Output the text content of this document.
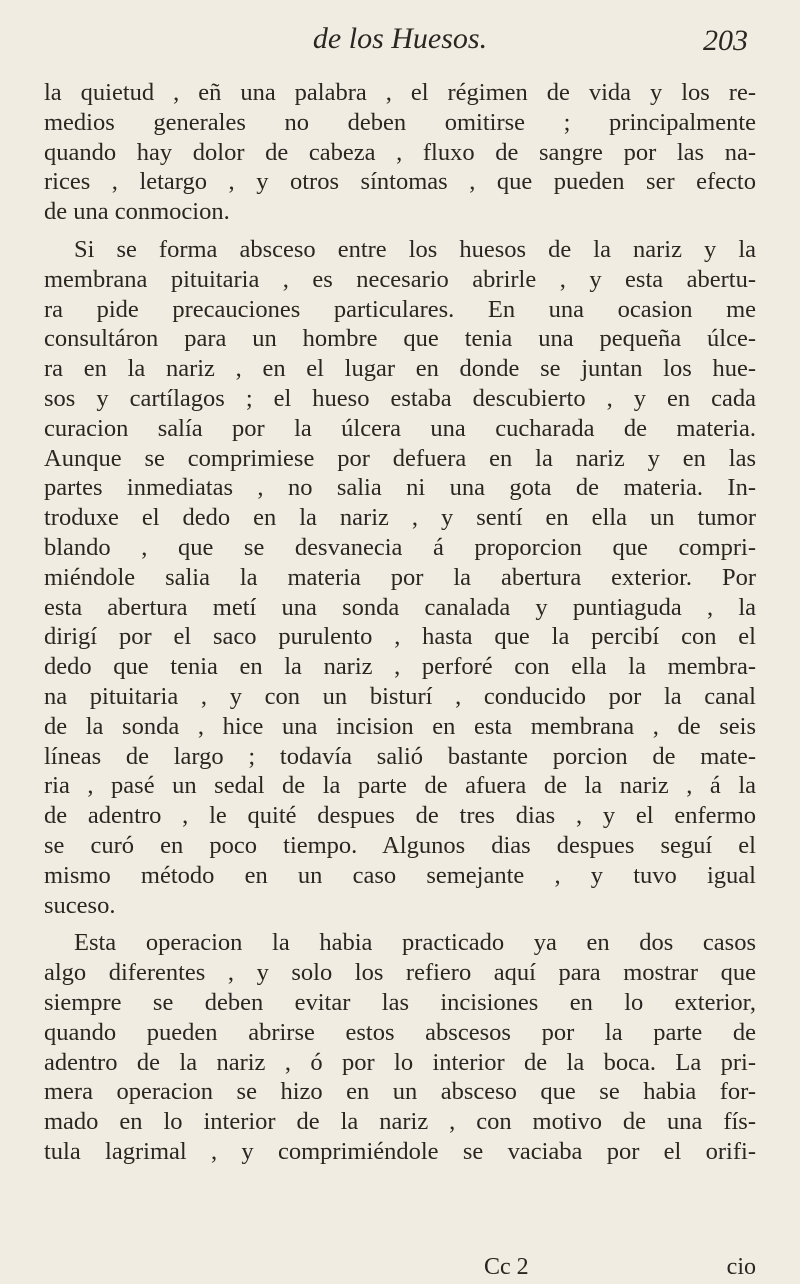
de los Huesos.	203
la quietud , eñ una palabra , el régimen de vida y los re-
medios generales no deben omitirse ; principalmente
quando hay dolor de cabeza , fluxo de sangre por las na-
rices , letargo , y otros síntomas , que pueden ser efecto
de una conmocion.
Si se forma absceso entre los huesos de la nariz y la
membrana pituitaria , es necesario abrirle , y esta abertu-
ra pide precauciones particulares. En una ocasion me
consultáron para un hombre que tenia una pequeña úlce-
ra en la nariz , en el lugar en donde se juntan los hue-
sos y cartílagos ; el hueso estaba descubierto , y en cada
curacion salía por la úlcera una cucharada de materia.
Aunque se comprimiese por defuera en la nariz y en las
partes inmediatas , no salia ni una gota de materia. In-
troduxe el dedo en la nariz , y sentí en ella un tumor
blando , que se desvanecia á proporcion que compri-
miéndole salia la materia por la abertura exterior. Por
esta abertura metí una sonda canalada y puntiaguda , la
dirigí por el saco purulento , hasta que la percibí con el
dedo que tenia en la nariz , perforé con ella la membra-
na pituitaria , y con un bisturí , conducido por la canal
de la sonda , hice una incision en esta membrana , de seis
líneas de largo ; todavía salió bastante porcion de mate-
ria , pasé un sedal de la parte de afuera de la nariz , á la
de adentro , le quité despues de tres dias , y el enfermo
se curó en poco tiempo. Algunos dias despues seguí el
mismo método en un caso semejante , y tuvo igual
suceso.
Esta operacion la habia practicado ya en dos casos
algo diferentes , y solo los refiero aquí para mostrar que
siempre se deben evitar las incisiones en lo exterior,
quando pueden abrirse estos abscesos por la parte de
adentro de la nariz , ó por lo interior de la boca. La pri-
mera operacion se hizo en un absceso que se habia for-
mado en lo interior de la nariz , con motivo de una fís-
tula lagrimal , y comprimiéndole se vaciaba por el orifi-
Cc 2	cio
